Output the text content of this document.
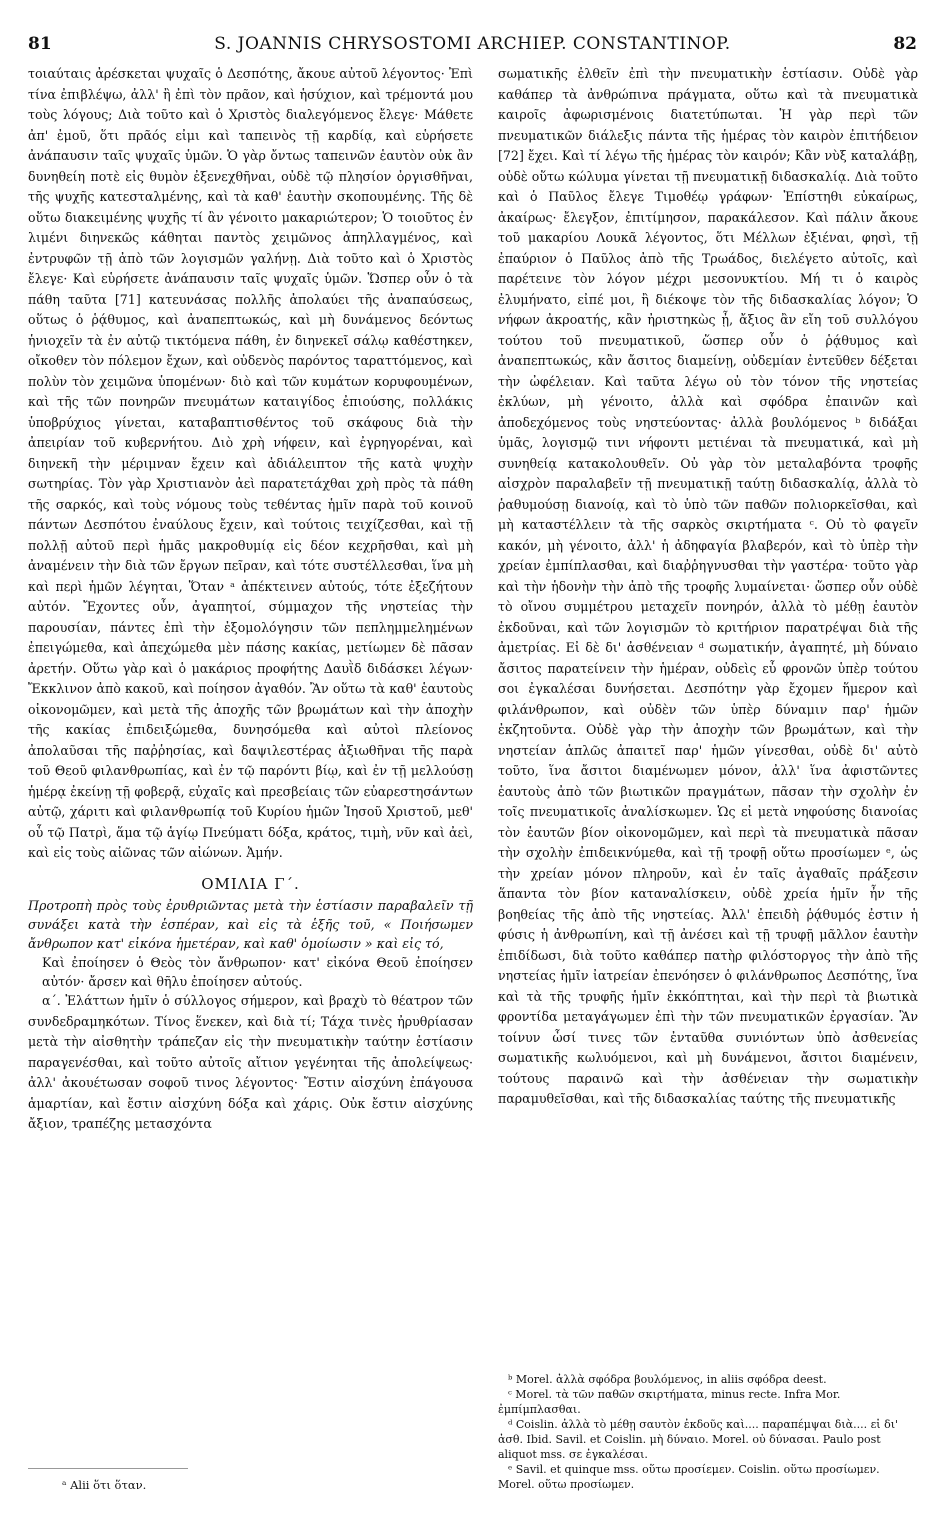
81	S. JOANNIS CHRYSOSTOMI ARCHIEP. CONSTANTINOP.	82

τοιαύταις ἀρέσκεται ψυχαῖς ὁ Δεσπότης, ἄκουε αὐτοῦ λέγοντος· Ἐπὶ τίνα ἐπιβλέψω, ἀλλ' ἢ ἐπὶ τὸν πρᾶον, καὶ ἡσύχιον, καὶ τρέμοντά μου τοὺς λόγους; Διὰ τοῦτο καὶ ὁ Χριστὸς διαλεγόμενος ἔλεγε· Μάθετε ἀπ' ἐμοῦ, ὅτι πρᾶός εἰμι καὶ ταπεινὸς τῇ καρδίᾳ, καὶ εὑρήσετε ἀνάπαυσιν ταῖς ψυχαῖς ὑμῶν. Ὁ γὰρ ὄντως ταπεινῶν ἑαυτὸν οὐκ ἂν δυνηθείη ποτὲ εἰς θυμὸν ἐξενεχθῆναι, οὐδὲ τῷ πλησίον ὀργισθῆναι, τῆς ψυχῆς κατεσταλμένης, καὶ τὰ καθ' ἑαυτὴν σκοπουμένης. Τῆς δὲ οὕτω διακειμένης ψυχῆς τί ἂν γένοιτο μακαριώτερον; Ὁ τοιοῦτος ἐν λιμένι διηνεκῶς κάθηται παντὸς χειμῶνος ἀπηλλαγμένος, καὶ ἐντρυφῶν τῇ ἀπὸ τῶν λογισμῶν γαλήνῃ. Διὰ τοῦτο καὶ ὁ Χριστὸς ἔλεγε· Καὶ εὑρήσετε ἀνάπαυσιν ταῖς ψυχαῖς ὑμῶν. Ὥσπερ οὖν ὁ τὰ πάθη ταῦτα [71] κατευνάσας πολλῆς ἀπολαύει τῆς ἀναπαύσεως, οὕτως ὁ ῥᾴθυμος, καὶ ἀναπεπτωκώς, καὶ μὴ δυνάμενος δεόντως ἡνιοχεῖν τὰ ἐν αὐτῷ τικτόμενα πάθη, ἐν διηνεκεῖ σάλῳ καθέστηκεν, οἴκοθεν τὸν πόλεμον ἔχων, καὶ οὐδενὸς παρόντος ταραττόμενος, καὶ πολὺν τὸν χειμῶνα ὑπομένων· διὸ καὶ τῶν κυμάτων κορυφουμένων, καὶ τῆς τῶν πονηρῶν πνευμάτων καταιγίδος ἐπιούσης, πολλάκις ὑποβρύχιος γίνεται, καταβαπτισθέντος τοῦ σκάφους διὰ τὴν ἀπειρίαν τοῦ κυβερνήτου. Διὸ χρὴ νήφειν, καὶ ἐγρηγορέναι, καὶ διηνεκῆ τὴν μέριμναν ἔχειν καὶ ἀδιάλειπτον τῆς κατὰ ψυχὴν σωτηρίας. Τὸν γὰρ Χριστιανὸν ἀεὶ παρατετάχθαι χρὴ πρὸς τὰ πάθη τῆς σαρκός, καὶ τοὺς νόμους τοὺς τεθέντας ἡμῖν παρὰ τοῦ κοινοῦ πάντων Δεσπότου ἐναύλους ἔχειν, καὶ τούτοις τειχίζεσθαι, καὶ τῇ πολλῇ αὐτοῦ περὶ ἡμᾶς μακροθυμίᾳ εἰς δέον κεχρῆσθαι, καὶ μὴ ἀναμένειν τὴν διὰ τῶν ἔργων πεῖραν, καὶ τότε συστέλλεσθαι, ἵνα μὴ καὶ περὶ ἡμῶν λέγηται, Ὅταν ᵃ ἀπέκτεινεν αὐτούς, τότε ἐξεζήτουν αὐτόν. Ἔχοντες οὖν, ἀγαπητοί, σύμμαχον τῆς νηστείας τὴν παρουσίαν, πάντες ἐπὶ τὴν ἐξομολόγησιν τῶν πεπλημμελημένων ἐπειγώμεθα, καὶ ἀπεχώμεθα μὲν πάσης κακίας, μετίωμεν δὲ πᾶσαν ἀρετήν. Οὕτω γὰρ καὶ ὁ μακάριος προφήτης Δαυῒδ διδάσκει λέγων· Ἔκκλινον ἀπὸ κακοῦ, καὶ ποίησον ἀγαθόν. Ἂν οὕτω τὰ καθ' ἑαυτοὺς οἰκονομῶμεν, καὶ μετὰ τῆς ἀποχῆς τῶν βρωμάτων καὶ τὴν ἀποχὴν τῆς κακίας ἐπιδειξώμεθα, δυνησόμεθα καὶ αὐτοὶ πλείονος ἀπολαῦσαι τῆς παῤῥησίας, καὶ δαψιλεστέρας ἀξιωθῆναι τῆς παρὰ τοῦ Θεοῦ φιλανθρωπίας, καὶ ἐν τῷ παρόντι βίῳ, καὶ ἐν τῇ μελλούσῃ ἡμέρᾳ ἐκείνῃ τῇ φοβερᾷ, εὐχαῖς καὶ πρεσβείαις τῶν εὐαρεστησάντων αὐτῷ, χάριτι καὶ φιλανθρωπίᾳ τοῦ Κυρίου ἡμῶν Ἰησοῦ Χριστοῦ, μεθ' οὗ τῷ Πατρὶ, ἅμα τῷ ἁγίῳ Πνεύματι δόξα, κράτος, τιμὴ, νῦν καὶ ἀεὶ, καὶ εἰς τοὺς αἰῶνας τῶν αἰώνων. Ἀμήν.

ΟΜΙΛΙΑ Γ΄.

Προτροπὴ πρὸς τοὺς ἐρυθριῶντας μετὰ τὴν ἑστίασιν παραβαλεῖν τῇ συνάξει κατὰ τὴν ἑσπέραν, καὶ εἰς τὰ ἑξῆς τοῦ, « Ποιήσωμεν ἄνθρωπον κατ' εἰκόνα ἡμετέραν, καὶ καθ' ὁμοίωσιν » καὶ εἰς τό,
Καὶ ἐποίησεν ὁ Θεὸς τὸν ἄνθρωπον· κατ' εἰκόνα Θεοῦ ἐποίησεν αὐτόν· ἄρσεν καὶ θῆλυ ἐποίησεν αὐτούς.

α΄. Ἐλάττων ἡμῖν ὁ σύλλογος σήμερον, καὶ βραχὺ τὸ θέατρον τῶν συνδεδραμηκότων. Τίνος ἕνεκεν, καὶ διὰ τί; Τάχα τινὲς ἠρυθρίασαν μετὰ τὴν αἰσθητὴν τράπεζαν εἰς τὴν πνευματικὴν ταύτην ἑστίασιν παραγενέσθαι, καὶ τοῦτο αὐτοῖς αἴτιον γεγένηται τῆς ἀπολείψεως· ἀλλ' ἀκουέτωσαν σοφοῦ τινος λέγοντος· Ἔστιν αἰσχύνη ἐπάγουσα ἁμαρτίαν, καὶ ἔστιν αἰσχύνη δόξα καὶ χάρις. Οὐκ ἔστιν αἰσχύνης ἄξιον, τραπέζης μετασχόντα

σωματικῆς ἐλθεῖν ἐπὶ τὴν πνευματικὴν ἑστίασιν. Οὐδὲ γὰρ καθάπερ τὰ ἀνθρώπινα πράγματα, οὕτω καὶ τὰ πνευματικὰ καιροῖς ἀφωρισμένοις διατετύπωται. Ἡ γὰρ περὶ τῶν πνευματικῶν διάλεξις πάντα τῆς ἡμέρας τὸν καιρὸν ἐπιτήδειον [72] ἔχει. Καὶ τί λέγω τῆς ἡμέρας τὸν καιρόν; Κἂν νὺξ καταλάβῃ, οὐδὲ οὕτω κώλυμα γίνεται τῇ πνευματικῇ διδασκαλίᾳ. Διὰ τοῦτο καὶ ὁ Παῦλος ἔλεγε Τιμοθέῳ γράφων· Ἐπίστηθι εὐκαίρως, ἀκαίρως· ἔλεγξον, ἐπιτίμησον, παρακάλεσον. Καὶ πάλιν ἄκουε τοῦ μακαρίου Λουκᾶ λέγοντος, ὅτι Μέλλων ἐξιέναι, φησὶ, τῇ ἐπαύριον ὁ Παῦλος ἀπὸ τῆς Τρωάδος, διελέγετο αὐτοῖς, καὶ παρέτεινε τὸν λόγον μέχρι μεσονυκτίου. Μή τι ὁ καιρὸς ἐλυμήνατο, εἰπέ μοι, ἢ διέκοψε τὸν τῆς διδασκαλίας λόγον; Ὁ νήφων ἀκροατής, κἂν ἠριστηκὼς ᾖ, ἄξιος ἂν εἴη τοῦ συλλόγου τούτου τοῦ πνευματικοῦ, ὥσπερ οὖν ὁ ῥᾴθυμος καὶ ἀναπεπτωκώς, κἂν ἄσιτος διαμείνῃ, οὐδεμίαν ἐντεῦθεν δέξεται τὴν ὠφέλειαν. Καὶ ταῦτα λέγω οὐ τὸν τόνον τῆς νηστείας ἐκλύων, μὴ γένοιτο, ἀλλὰ καὶ σφόδρα ἐπαινῶν καὶ ἀποδεχόμενος τοὺς νηστεύοντας· ἀλλὰ βουλόμενος ᵇ διδάξαι ὑμᾶς, λογισμῷ τινι νήφοντι μετιέναι τὰ πνευματικά, καὶ μὴ συνηθείᾳ κατακολουθεῖν. Οὐ γὰρ τὸν μεταλαβόντα τροφῆς αἰσχρὸν παραλαβεῖν τῇ πνευματικῇ ταύτῃ διδασκαλίᾳ, ἀλλὰ τὸ ῥαθυμούσῃ διανοίᾳ, καὶ τὸ ὑπὸ τῶν παθῶν πολιορκεῖσθαι, καὶ μὴ καταστέλλειν τὰ τῆς σαρκὸς σκιρτήματα ᶜ. Οὐ τὸ φαγεῖν κακόν, μὴ γένοιτο, ἀλλ' ἡ ἀδηφαγία βλαβερόν, καὶ τὸ ὑπὲρ τὴν χρείαν ἐμπίπλασθαι, καὶ διαῤῥηγνυσθαι τὴν γαστέρα· τοῦτο γὰρ καὶ τὴν ἡδονὴν τὴν ἀπὸ τῆς τροφῆς λυμαίνεται· ὥσπερ οὖν οὐδὲ τὸ οἴνου συμμέτρου μεταχεῖν πονηρόν, ἀλλὰ τὸ μέθῃ ἑαυτὸν ἐκδοῦναι, καὶ τῶν λογισμῶν τὸ κριτήριον παρατρέψαι διὰ τῆς ἀμετρίας. Εἰ δὲ δι' ἀσθένειαν ᵈ σωματικήν, ἀγαπητέ, μὴ δύναιο ἄσιτος παρατείνειν τὴν ἡμέραν, οὐδεὶς εὖ φρονῶν ὑπὲρ τούτου σοι ἐγκαλέσαι δυνήσεται. Δεσπότην γὰρ ἔχομεν ἥμερον καὶ φιλάνθρωπον, καὶ οὐδὲν τῶν ὑπὲρ δύναμιν παρ' ἡμῶν ἐκζητοῦντα. Οὐδὲ γὰρ τὴν ἀποχὴν τῶν βρωμάτων, καὶ τὴν νηστείαν ἁπλῶς ἀπαιτεῖ παρ' ἡμῶν γίνεσθαι, οὐδὲ δι' αὐτὸ τοῦτο, ἵνα ἄσιτοι διαμένωμεν μόνον, ἀλλ' ἵνα ἀφιστῶντες ἑαυτοὺς ἀπὸ τῶν βιωτικῶν πραγμάτων, πᾶσαν τὴν σχολὴν ἐν τοῖς πνευματικοῖς ἀναλίσκωμεν. Ὡς εἰ μετὰ νηφούσης διανοίας τὸν ἑαυτῶν βίον οἰκονομῶμεν, καὶ περὶ τὰ πνευματικὰ πᾶσαν τὴν σχολὴν ἐπιδεικνύμεθα, καὶ τῇ τροφῇ οὕτω προσίωμεν ᵉ, ὡς τὴν χρείαν μόνον πληροῦν, καὶ ἐν ταῖς ἀγαθαῖς πράξεσιν ἅπαντα τὸν βίον καταναλίσκειν, οὐδὲ χρεία ἡμῖν ἦν τῆς βοηθείας τῆς ἀπὸ τῆς νηστείας. Ἀλλ' ἐπειδὴ ῥᾴθυμός ἐστιν ἡ φύσις ἡ ἀνθρωπίνη, καὶ τῇ ἀνέσει καὶ τῇ τρυφῇ μᾶλλον ἑαυτὴν ἐπιδίδωσι, διὰ τοῦτο καθάπερ πατὴρ φιλόστοργος τὴν ἀπὸ τῆς νηστείας ἡμῖν ἰατρείαν ἐπενόησεν ὁ φιλάνθρωπος Δεσπότης, ἵνα καὶ τὰ τῆς τρυφῆς ἡμῖν ἐκκόπτηται, καὶ τὴν περὶ τὰ βιωτικὰ φροντίδα μεταγάγωμεν ἐπὶ τὴν τῶν πνευματικῶν ἐργασίαν. Ἂν τοίνυν ὦσί τινες τῶν ἐνταῦθα συνιόντων ὑπὸ ἀσθενείας σωματικῆς κωλυόμενοι, καὶ μὴ δυνάμενοι, ἄσιτοι διαμένειν, τούτους παραινῶ καὶ τὴν ἀσθένειαν τὴν σωματικὴν παραμυθεῖσθαι, καὶ τῆς διδασκαλίας ταύτης τῆς πνευματικῆς

ᵇ Morel. ἀλλὰ σφόδρα βουλόμενος, in aliis σφόδρα deest.

ᶜ Morel. τὰ τῶν παθῶν σκιρτήματα, minus recte. Infra Mor. ἐμπίμπλασθαι.

ᵈ Coislin. ἀλλὰ τὸ μέθῃ σαυτὸν ἐκδοῦς καὶ.... παραπέμψαι διὰ.... εἰ δι' ἀσθ. Ibid. Savil. et Coislin. μὴ δύναιο. Morel. οὐ δύνασαι. Paulo post aliquot mss. σε ἐγκαλέσαι.

ᵉ Savil. et quinque mss. οὕτω προσίεμεν. Coislin. οὕτω προσίωμεν. Morel. οὕτω προσίωμεν.

ᵃ Alii ὅτι ὅταν.
